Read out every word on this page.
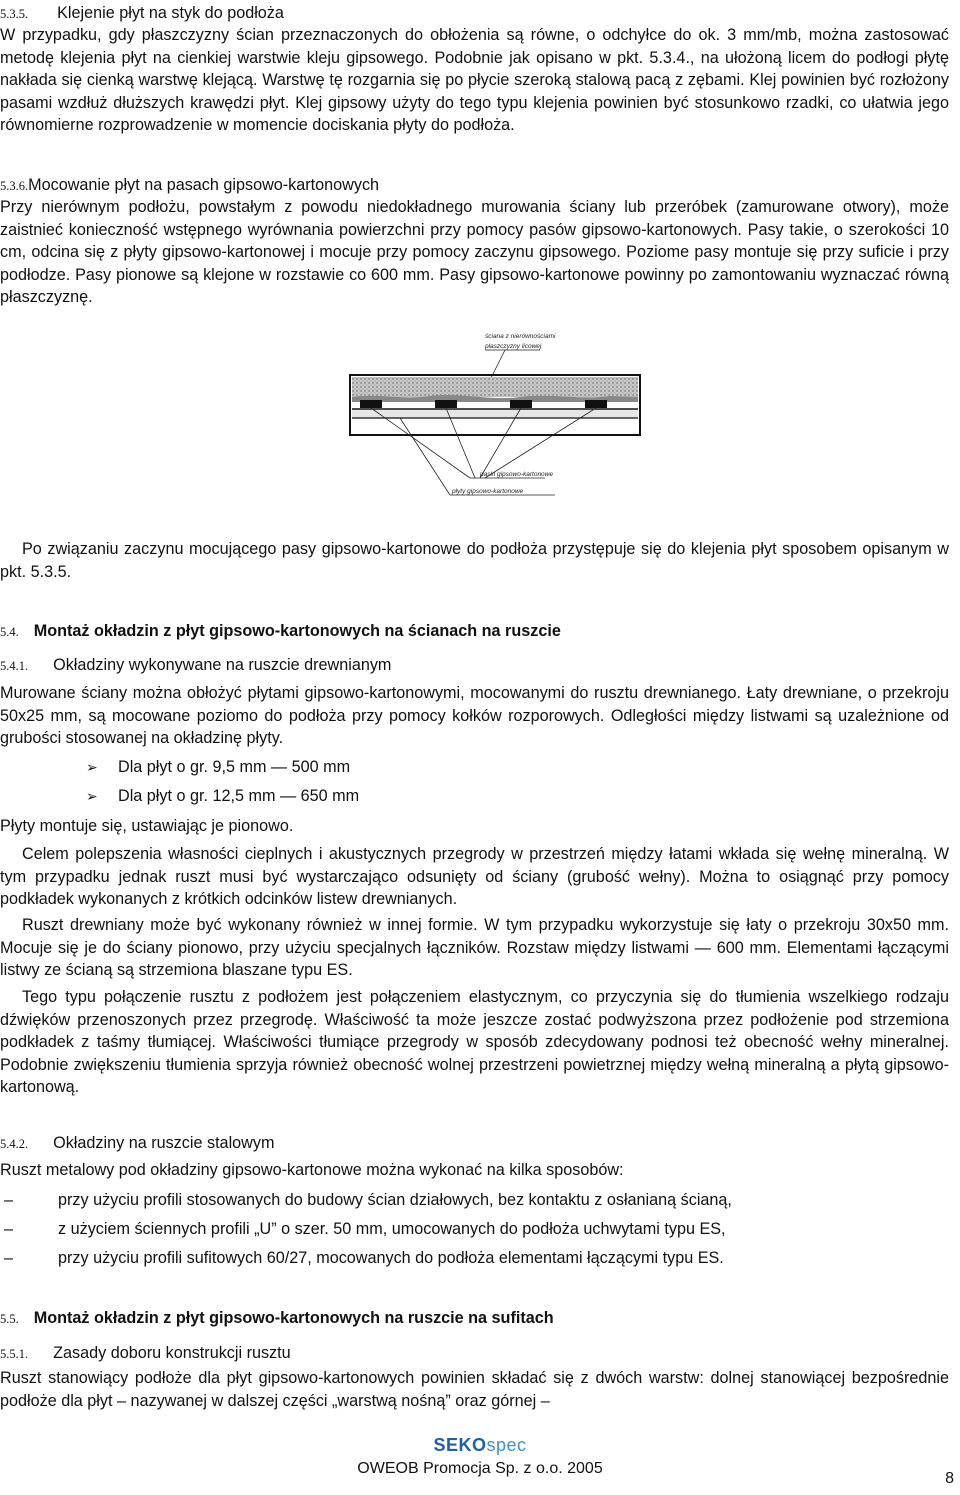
5.3.5. Klejenie płyt na styk do podłoża

W przypadku, gdy płaszczyzny ścian przeznaczonych do obłożenia są równe, o odchyłce do ok. 3 mm/mb, można zastosować metodę klejenia płyt na cienkiej warstwie kleju gipsowego. Podobnie jak opisano w pkt. 5.3.4., na ułożoną licem do podłogi płytę nakłada się cienką warstwę klejącą. Warstwę tę rozgarnia się po płycie szeroką stalową pacą z zębami. Klej powinien być rozłożony pasami wzdłuż dłuższych krawędzi płyt. Klej gipsowy użyty do tego typu klejenia powinien być stosunkowo rzadki, co ułatwia jego równomierne rozprowadzenie w momencie dociskania płyty do podłoża.

5.3.6.Mocowanie płyt na pasach gipsowo-kartonowych

Przy nierównym podłożu, powstałym z powodu niedokładnego murowania ściany lub przeróbek (zamurowane otwory), może zaistnieć konieczność wstępnego wyrównania powierzchni przy pomocy pasów gipsowo-kartonowych. Pasy takie, o szerokości 10 cm, odcina się z płyty gipsowo-kartonowej i mocuje przy pomocy zaczynu gipsowego. Poziome pasy montuje się przy suficie i przy podłodze. Pasy pionowe są klejone w rozstawie co 600 mm. Pasy gipsowo-kartonowe powinny po zamontowaniu wyznaczać równą płaszczyznę.

ściana z nierównościami
płaszczyzny licowej
paski gipsowo-kartonowe
płyty gipsowo-kartonowe

Po związaniu zaczynu mocującego pasy gipsowo-kartonowe do podłoża przystępuje się do klejenia płyt sposobem opisanym w pkt. 5.3.5.

5.4. Montaż okładzin z płyt gipsowo-kartonowych na ścianach na ruszcie
5.4.1. Okładziny wykonywane na ruszcie drewnianym

Murowane ściany można obłożyć płytami gipsowo-kartonowymi, mocowanymi do rusztu drewnianego. Łaty drewniane, o przekroju 50x25 mm, są mocowane poziomo do podłoża przy pomocy kołków rozporowych. Odległości między listwami są uzależnione od grubości stosowanej na okładzinę płyty.

➢ Dla płyt o gr. 9,5 mm — 500 mm
➢ Dla płyt o gr. 12,5 mm — 650 mm

Płyty montuje się, ustawiając je pionowo.

Celem polepszenia własności cieplnych i akustycznych przegrody w przestrzeń między łatami wkłada się wełnę mineralną. W tym przypadku jednak ruszt musi być wystarczająco odsunięty od ściany (grubość wełny). Można to osiągnąć przy pomocy podkładek wykonanych z krótkich odcinków listew drewnianych.

Ruszt drewniany może być wykonany również w innej formie. W tym przypadku wykorzystuje się łaty o przekroju 30x50 mm. Mocuje się je do ściany pionowo, przy użyciu specjalnych łączników. Rozstaw między listwami — 600 mm. Elementami łączącymi listwy ze ścianą są strzemiona blaszane typu ES.

Tego typu połączenie rusztu z podłożem jest połączeniem elastycznym, co przyczynia się do tłumienia wszelkiego rodzaju dźwięków przenoszonych przez przegrodę. Właściwość ta może jeszcze zostać podwyższona przez podłożenie pod strzemiona podkładek z taśmy tłumiącej. Właściwości tłumiące przegrody w sposób zdecydowany podnosi też obecność wełny mineralnej. Podobnie zwiększeniu tłumienia sprzyja również obecność wolnej przestrzeni powietrznej między wełną mineralną a płytą gipsowo-kartonową.

5.4.2. Okładziny na ruszcie stalowym

Ruszt metalowy pod okładziny gipsowo-kartonowe można wykonać na kilka sposobów:

–	przy użyciu profili stosowanych do budowy ścian działowych, bez kontaktu z osłanianą ścianą,
–	z użyciem ściennych profili „U” o szer. 50 mm, umocowanych do podłoża uchwytami typu ES,
–	przy użyciu profili sufitowych 60/27, mocowanych do podłoża elementami łączącymi typu ES.
5.5. Montaż okładzin z płyt gipsowo-kartonowych na ruszcie na sufitach
5.5.1. Zasady doboru konstrukcji rusztu

Ruszt stanowiący podłoże dla płyt gipsowo-kartonowych powinien składać się z dwóch warstw: dolnej stanowiącej bezpośrednie podłoże dla płyt – nazywanej w dalszej części „warstwą nośną” oraz górnej –

SEKOspec
OWEOB Promocja Sp. z o.o. 2005
8
